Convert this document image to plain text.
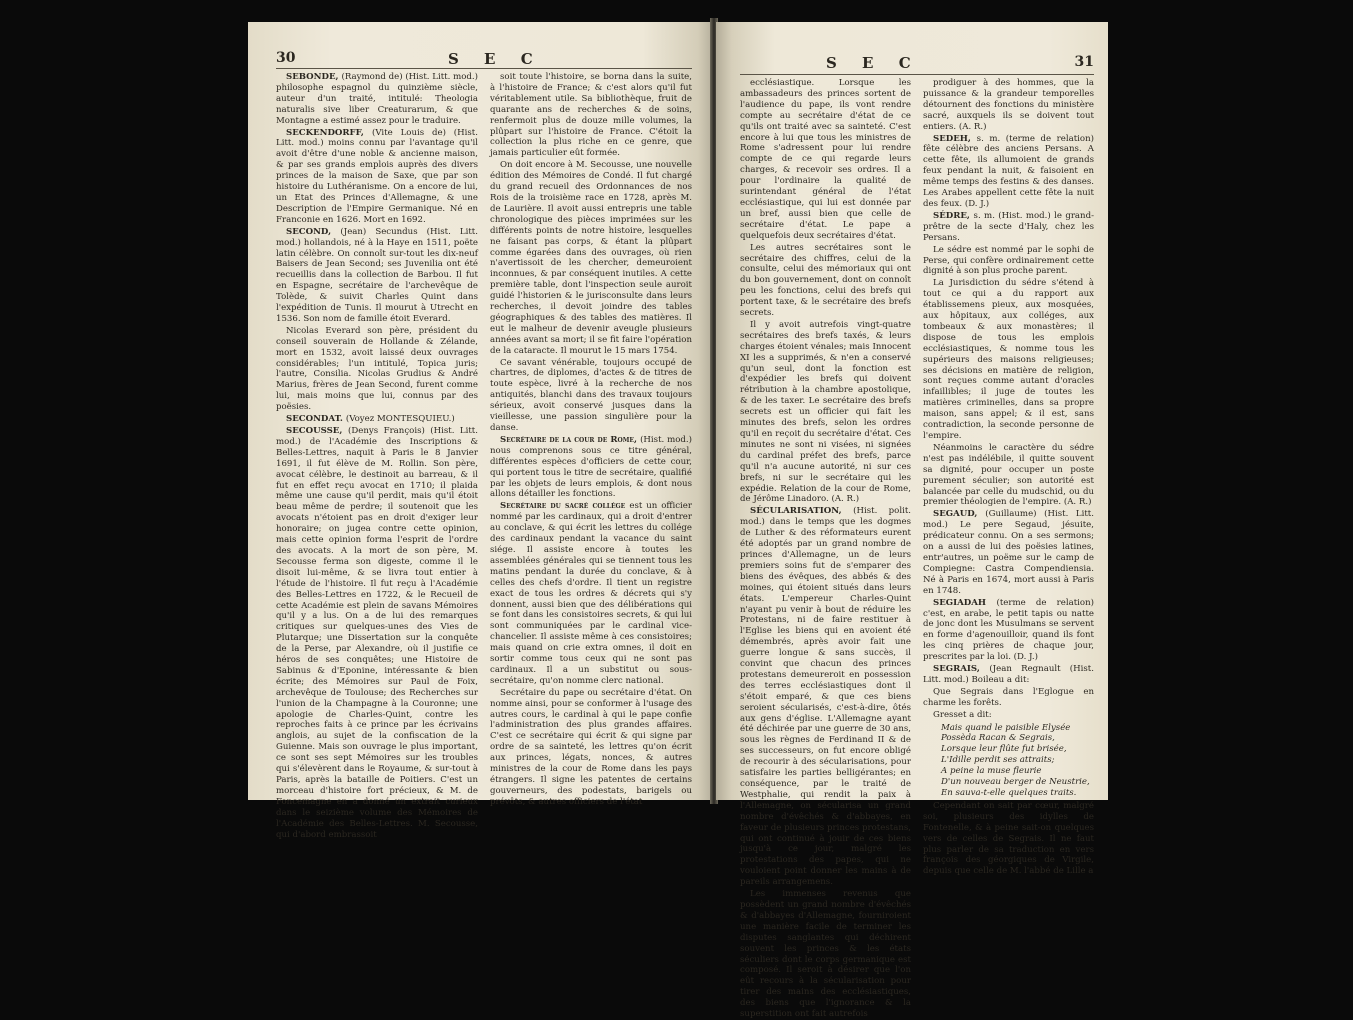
30	S E C

SEBONDE, (Raymond de) (Hist. Litt. mod.) philosophe espagnol du quinzième siècle, auteur d'un traité, intitulé: Theologia naturalis sive liber Creaturarum, & que Montagne a estimé assez pour le traduire.

SECKENDORFF, (Vite Louis de) (Hist. Litt. mod.) moins connu par l'avantage qu'il avoit d'être d'une noble & ancienne maison, & par ses grands emplois auprès des divers princes de la maison de Saxe, que par son histoire du Luthéranisme. On a encore de lui, un Etat des Princes d'Allemagne, & une Description de l'Empire Germanique. Né en Franconie en 1626. Mort en 1692.

SECOND, (Jean) Secundus (Hist. Litt. mod.) hollandois, né à la Haye en 1511, poëte latin célèbre. On connoît sur-tout les dix-neuf Baisers de Jean Second; ses Juvenilia ont été recueillis dans la collection de Barbou. Il fut en Espagne, secrétaire de l'archevêque de Tolède, & suivit Charles Quint dans l'expédition de Tunis. Il mourut à Utrecht en 1536. Son nom de famille étoit Everard.

Nicolas Everard son père, président du conseil souverain de Hollande & Zélande, mort en 1532, avoit laissé deux ouvrages considérables; l'un intitulé, Topica juris; l'autre, Consilia. Nicolas Grudius & André Marius, frères de Jean Second, furent comme lui, mais moins que lui, connus par des poësies.

SECONDAT. (Voyez MONTESQUIEU.)

SECOUSSE, (Denys François) (Hist. Litt. mod.) de l'Académie des Inscriptions & Belles-Lettres, naquit à Paris le 8 Janvier 1691, il fut élève de M. Rollin. Son père, avocat célèbre, le destinoit au barreau, & il fut en effet reçu avocat en 1710; il plaida même une cause qu'il perdit, mais qu'il étoit beau même de perdre; il soutenoit que les avocats n'étoient pas en droit d'exiger leur honoraire; on jugea contre cette opinion, mais cette opinion forma l'esprit de l'ordre des avocats. A la mort de son père, M. Secousse ferma son digeste, comme il le disoit lui-même, & se livra tout entier à l'étude de l'histoire. Il fut reçu à l'Académie des Belles-Lettres en 1722, & le Recueil de cette Académie est plein de savans Mémoires qu'il y a lus. On a de lui des remarques critiques sur quelques-unes des Vies de Plutarque; une Dissertation sur la conquête de la Perse, par Alexandre, où il justifie ce héros de ses conquêtes; une Histoire de Sabinus & d'Eponine, intéressante & bien écrite; des Mémoires sur Paul de Foix, archevêque de Toulouse; des Recherches sur l'union de la Champagne à la Couronne; une apologie de Charles-Quint, contre les reproches faits à ce prince par les écrivains anglois, au sujet de la confiscation de la Guienne. Mais son ouvrage le plus important, ce sont ses sept Mémoires sur les troubles qui s'élevèrent dans le Royaume, & sur-tout à Paris, après la bataille de Poitiers. C'est un morceau d'histoire fort précieux, & M. de Foncemagne en a donné un extrait curieux dans le seizième volume des Mémoires de l'Académie des Belles-Lettres. M. Secousse, qui d'abord embrassoit

soit toute l'histoire, se borna dans la suite, à l'histoire de France; & c'est alors qu'il fut véritablement utile. Sa bibliothèque, fruit de quarante ans de recherches & de soins, renfermoit plus de douze mille volumes, la plûpart sur l'histoire de France. C'étoit la collection la plus riche en ce genre, que jamais particulier eût formée.

On doit encore à M. Secousse, une nouvelle édition des Mémoires de Condé. Il fut chargé du grand recueil des Ordonnances de nos Rois de la troisième race en 1728, après M. de Laurière. Il avoit aussi entrepris une table chronologique des pièces imprimées sur les différents points de notre histoire, lesquelles ne faisant pas corps, & étant la plûpart comme égarées dans des ouvrages, où rien n'avertissoit de les chercher, demeuroient inconnues, & par conséquent inutiles. A cette première table, dont l'inspection seule auroit guidé l'historien & le jurisconsulte dans leurs recherches, il devoit joindre des tables géographiques & des tables des matières. Il eut le malheur de devenir aveugle plusieurs années avant sa mort; il se fit faire l'opération de la cataracte. Il mourut le 15 mars 1754.

Ce savant vénérable, toujours occupé de chartres, de diplomes, d'actes & de titres de toute espèce, livré à la recherche de nos antiquités, blanchi dans des travaux toujours sérieux, avoit conservé jusques dans la vieillesse, une passion singulière pour la danse.

Secrétaire de la cour de Rome, (Hist. mod.) nous comprenons sous ce titre général, différentes espèces d'officiers de cette cour, qui portent tous le titre de secrétaire, qualifié par les objets de leurs emplois, & dont nous allons détailler les fonctions.

Secrétaire du sacré collége est un officier nommé par les cardinaux, qui a droit d'entrer au conclave, & qui écrit les lettres du collége des cardinaux pendant la vacance du saint siége. Il assiste encore à toutes les assemblées générales qui se tiennent tous les matins pendant la durée du conclave, & à celles des chefs d'ordre. Il tient un registre exact de tous les ordres & décrets qui s'y donnent, aussi bien que des délibérations qui se font dans les consistoires secrets, & qui lui sont communiquées par le cardinal vice-chancelier. Il assiste même à ces consistoires; mais quand on crie extra omnes, il doit en sortir comme tous ceux qui ne sont pas cardinaux. Il a un substitut ou sous-secrétaire, qu'on nomme clerc national.

Secrétaire du pape ou secrétaire d'état. On nomme ainsi, pour se conformer à l'usage des autres cours, le cardinal à qui le pape confie l'administration des plus grandes affaires. C'est ce secrétaire qui écrit & qui signe par ordre de sa sainteté, les lettres qu'on écrit aux princes, légats, nonces, & autres ministres de la cour de Rome dans les pays étrangers. Il signe les patentes de certains gouverneurs, des podestats, barigels ou prévôts, & autres officiers de l'état

S E C	31

ecclésiastique. Lorsque les ambassadeurs des princes sortent de l'audience du pape, ils vont rendre compte au secrétaire d'état de ce qu'ils ont traité avec sa sainteté. C'est encore à lui que tous les ministres de Rome s'adressent pour lui rendre compte de ce qui regarde leurs charges, & recevoir ses ordres. Il a pour l'ordinaire la qualité de surintendant général de l'état ecclésiastique, qui lui est donnée par un bref, aussi bien que celle de secrétaire d'état. Le pape a quelquefois deux secrétaires d'état.

Les autres secrétaires sont le secrétaire des chiffres, celui de la consulte, celui des mémoriaux qui ont du bon gouvernement, dont on connoît peu les fonctions, celui des brefs qui portent taxe, & le secrétaire des brefs secrets.

Il y avoit autrefois vingt-quatre secrétaires des brefs taxés, & leurs charges étoient vénales; mais Innocent XI les a supprimés, & n'en a conservé qu'un seul, dont la fonction est d'expédier les brefs qui doivent rétribution à la chambre apostolique, & de les taxer. Le secrétaire des brefs secrets est un officier qui fait les minutes des brefs, selon les ordres qu'il en reçoit du secrétaire d'état. Ces minutes ne sont ni visées, ni signées du cardinal préfet des brefs, parce qu'il n'a aucune autorité, ni sur ces brefs, ni sur le secrétaire qui les expédie. Relation de la cour de Rome, de Jérôme Linadoro. (A. R.)

SÉCULARISATION, (Hist. polit. mod.) dans le temps que les dogmes de Luther & des réformateurs eurent été adoptés par un grand nombre de princes d'Allemagne, un de leurs premiers soins fut de s'emparer des biens des évêques, des abbés & des moines, qui étoient situés dans leurs états. L'empereur Charles-Quint n'ayant pu venir à bout de réduire les Protestans, ni de faire restituer à l'Eglise les biens qui en avoient été démembrés, après avoir fait une guerre longue & sans succès, il convint que chacun des princes protestans demeureroit en possession des terres ecclésiastiques dont il s'étoit emparé, & que ces biens seroient sécularisés, c'est-à-dire, ôtés aux gens d'église. L'Allemagne ayant été déchirée par une guerre de 30 ans, sous les règnes de Ferdinand II & de ses successeurs, on fut encore obligé de recourir à des sécularisations, pour satisfaire les parties belligérantes; en conséquence, par le traité de Westphalie, qui rendit la paix à l'Allemagne, on sécularisa un grand nombre d'évêchés & d'abbayes, en faveur de plusieurs princes protestans, qui ont continué à jouir de ces biens jusqu'à ce jour, malgré les protestations des papes, qui ne vouloient point donner les mains à de pareils arrangemens.

Les immenses revenus que possèdent un grand nombre d'évêchés & d'abbayes d'Allemagne, fourniroient une manière facile de terminer les disputes sanglantes qui déchirent souvent les princes & les états séculiers dont le corps germanique est composé. Il seroit à désirer que l'on eût recours à la sécularisation pour tirer des mains des ecclésiastiques, des biens que l'ignorance & la superstition ont fait autrefois

prodiguer à des hommes, que la puissance & la grandeur temporelles détournent des fonctions du ministère sacré, auxquels ils se doivent tout entiers. (A. R.)

SEDEH, s. m. (terme de relation) fête célèbre des anciens Persans. A cette fête, ils allumoient de grands feux pendant la nuit, & faisoient en même temps des festins & des danses. Les Arabes appellent cette fête la nuit des feux. (D. J.)

SÉDRE, s. m. (Hist. mod.) le grand-prêtre de la secte d'Haly, chez les Persans.

Le sédre est nommé par le sophi de Perse, qui confère ordinairement cette dignité à son plus proche parent.

La Jurisdiction du sédre s'étend à tout ce qui a du rapport aux établissemens pieux, aux mosquées, aux hôpitaux, aux colléges, aux tombeaux & aux monastères; il dispose de tous les emplois ecclésiastiques, & nomme tous les supérieurs des maisons religieuses; ses décisions en matière de religion, sont reçues comme autant d'oracles infaillibles; il juge de toutes les matières criminelles, dans sa propre maison, sans appel; & il est, sans contradiction, la seconde personne de l'empire.

Néanmoins le caractère du sédre n'est pas indélébile, il quitte souvent sa dignité, pour occuper un poste purement séculier; son autorité est balancée par celle du mudschid, ou du premier théologien de l'empire. (A. R.)

SEGAUD, (Guillaume) (Hist. Litt. mod.) Le pere Segaud, jésuite, prédicateur connu. On a ses sermons; on a aussi de lui des poësies latines, entr'autres, un poëme sur le camp de Compiegne: Castra Compendiensia. Né à Paris en 1674, mort aussi à Paris en 1748.

SEGIADAH (terme de relation) c'est, en arabe, le petit tapis ou natte de jonc dont les Musulmans se servent en forme d'agenouilloir, quand ils font les cinq prières de chaque jour, prescrites par la loi. (D. J.)

SEGRAIS, (Jean Regnault (Hist. Litt. mod.) Boileau a dit:

Que Segrais dans l'Eglogue en charme les forêts.

Gresset a dit:

Mais quand le paisible Elysée
Possèda Racan & Segrais,
Lorsque leur flûte fut brisée,
L'Idille perdit ses attraits;
A peine la muse fleurie
D'un nouveau berger de Neustrie,
En sauva-t-elle quelques traits.

Cependant on sait par cœur, malgré soi, plusieurs des idylles de Fontenelle, & à peine sait-on quelques vers de celles de Segrais. Il ne faut plus parler de sa traduction en vers françois des géorgiques de Virgile, depuis que celle de M. l'abbé de Lille a
